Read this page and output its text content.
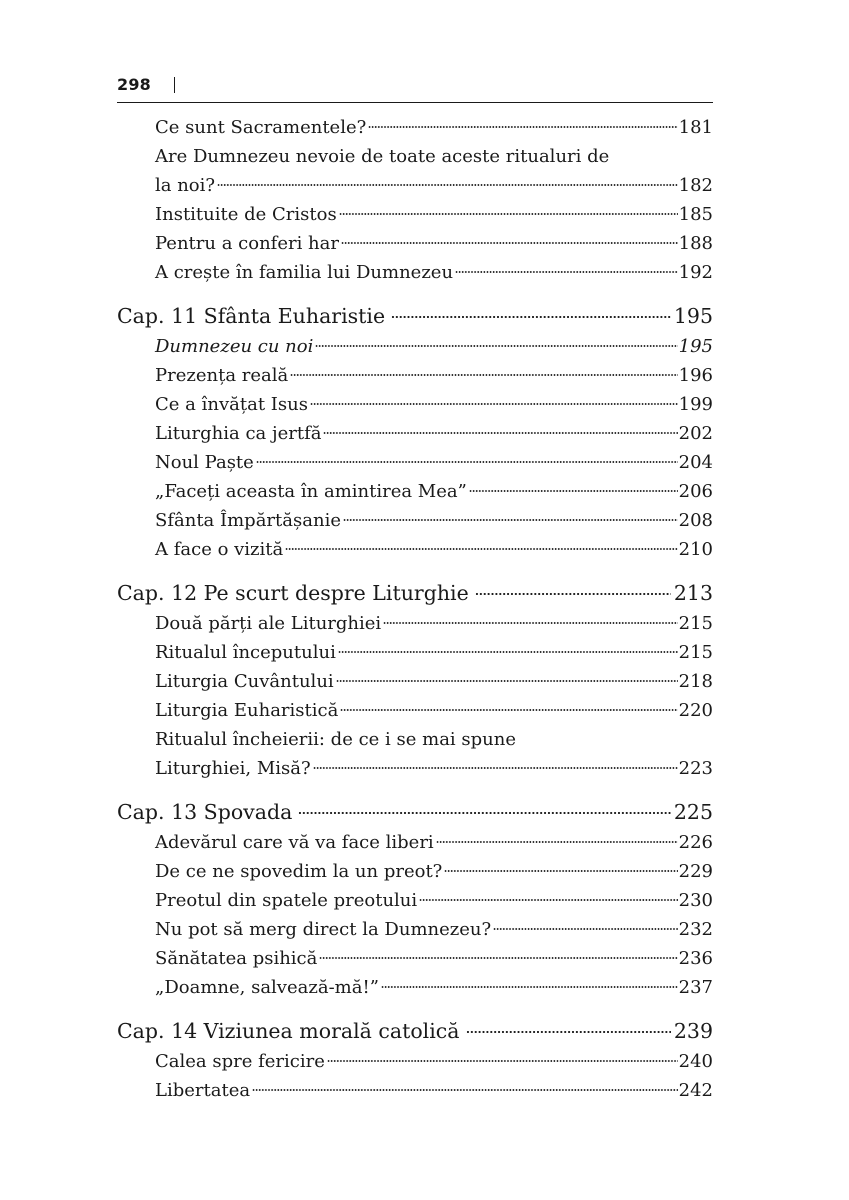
298
Ce sunt Sacramentele?	181
Are Dumnezeu nevoie de toate aceste ritualuri de
la noi?	182
Instituite de Cristos	185
Pentru a conferi har	188
A crește în familia lui Dumnezeu	192
Cap. 11 Sfânta Euharistie	195
Dumnezeu cu noi	195
Prezența reală	196
Ce a învățat Isus	199
Liturghia ca jertfă	202
Noul Paște	204
„Faceți aceasta în amintirea Mea”	206
Sfânta Împărtășanie	208
A face o vizită	210
Cap. 12 Pe scurt despre Liturghie	213
Două părți ale Liturghiei	215
Ritualul începutului	215
Liturgia Cuvântului	218
Liturgia Euharistică	220
Ritualul încheierii: de ce i se mai spune
Liturghiei, Misă?	223
Cap. 13 Spovada	225
Adevărul care vă va face liberi	226
De ce ne spovedim la un preot?	229
Preotul din spatele preotului	230
Nu pot să merg direct la Dumnezeu?	232
Sănătatea psihică	236
„Doamne, salvează-mă!”	237
Cap. 14 Viziunea morală catolică	239
Calea spre fericire	240
Libertatea	242
